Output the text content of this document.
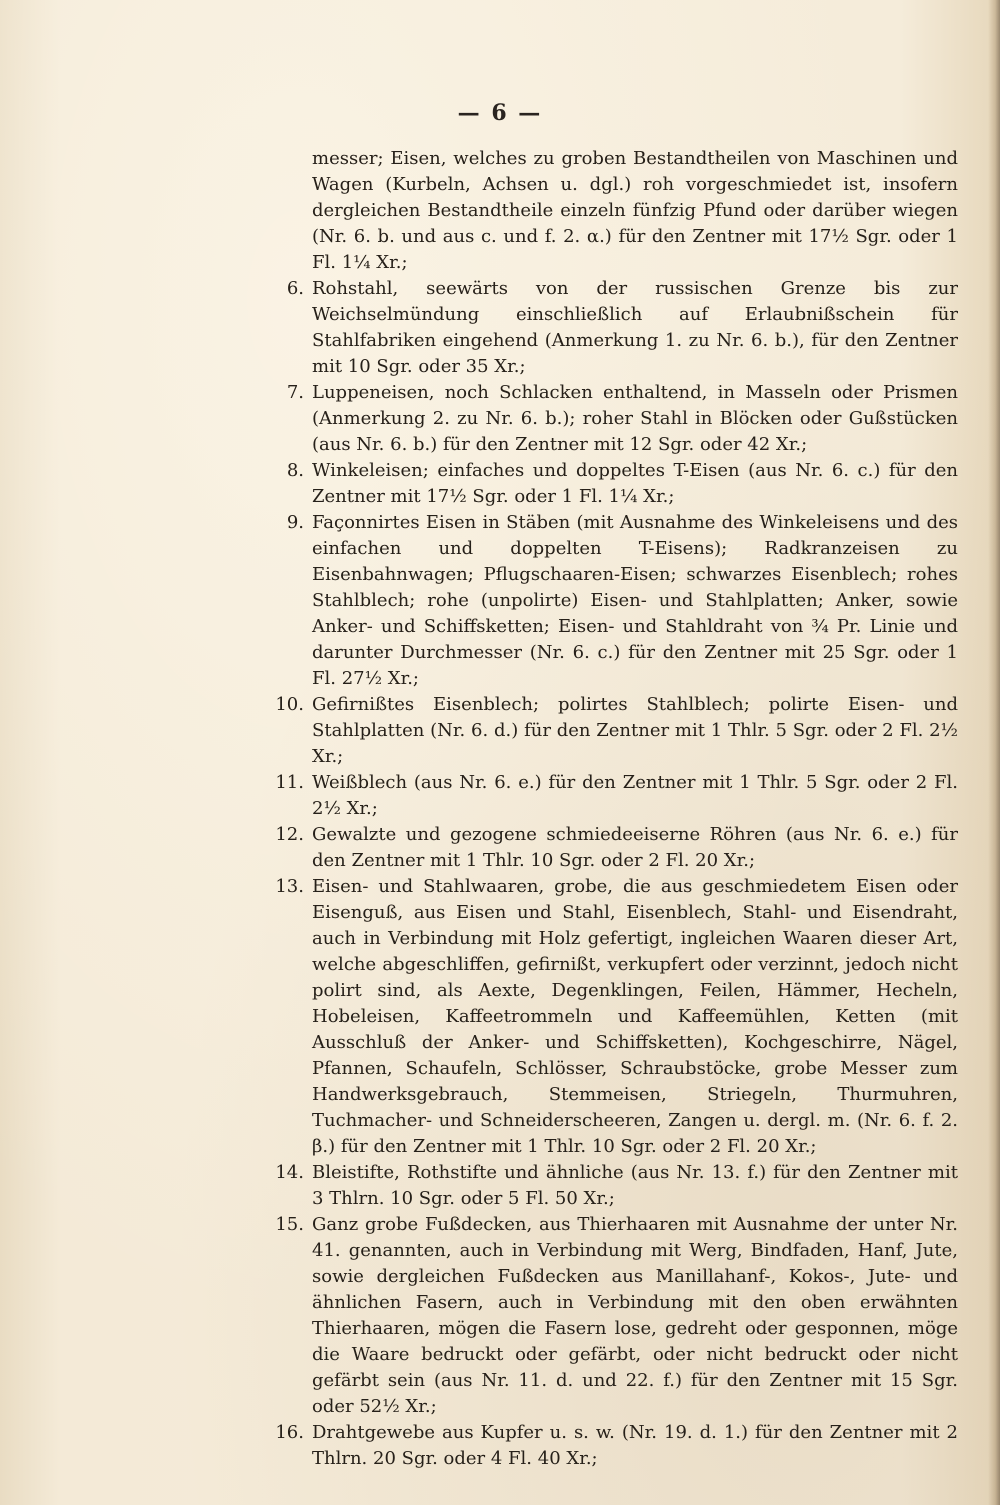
— 6 —

messer; Eisen, welches zu groben Bestandtheilen von Maschinen und Wagen (Kurbeln, Achsen u. dgl.) roh vorgeschmiedet ist, insofern dergleichen Bestandtheile einzeln fünfzig Pfund oder darüber wiegen (Nr. 6. b. und aus c. und f. 2. α.) für den Zentner mit 17½ Sgr. oder 1 Fl. 1¼ Xr.;

6. Rohstahl, seewärts von der russischen Grenze bis zur Weichselmündung einschließlich auf Erlaubnißschein für Stahlfabriken eingehend (Anmerkung 1. zu Nr. 6. b.), für den Zentner mit 10 Sgr. oder 35 Xr.;

7. Luppeneisen, noch Schlacken enthaltend, in Masseln oder Prismen (Anmerkung 2. zu Nr. 6. b.); roher Stahl in Blöcken oder Gußstücken (aus Nr. 6. b.) für den Zentner mit 12 Sgr. oder 42 Xr.;

8. Winkeleisen; einfaches und doppeltes T-Eisen (aus Nr. 6. c.) für den Zentner mit 17½ Sgr. oder 1 Fl. 1¼ Xr.;

9. Façonnirtes Eisen in Stäben (mit Ausnahme des Winkeleisens und des einfachen und doppelten T-Eisens); Radkranzeisen zu Eisenbahnwagen; Pflugschaaren-Eisen; schwarzes Eisenblech; rohes Stahlblech; rohe (unpolirte) Eisen- und Stahlplatten; Anker, sowie Anker- und Schiffsketten; Eisen- und Stahldraht von ¾ Pr. Linie und darunter Durchmesser (Nr. 6. c.) für den Zentner mit 25 Sgr. oder 1 Fl. 27½ Xr.;

10. Gefirnißtes Eisenblech; polirtes Stahlblech; polirte Eisen- und Stahlplatten (Nr. 6. d.) für den Zentner mit 1 Thlr. 5 Sgr. oder 2 Fl. 2½ Xr.;

11. Weißblech (aus Nr. 6. e.) für den Zentner mit 1 Thlr. 5 Sgr. oder 2 Fl. 2½ Xr.;

12. Gewalzte und gezogene schmiedeeiserne Röhren (aus Nr. 6. e.) für den Zentner mit 1 Thlr. 10 Sgr. oder 2 Fl. 20 Xr.;

13. Eisen- und Stahlwaaren, grobe, die aus geschmiedetem Eisen oder Eisenguß, aus Eisen und Stahl, Eisenblech, Stahl- und Eisendraht, auch in Verbindung mit Holz gefertigt, ingleichen Waaren dieser Art, welche abgeschliffen, gefirnißt, verkupfert oder verzinnt, jedoch nicht polirt sind, als Aexte, Degenklingen, Feilen, Hämmer, Hecheln, Hobeleisen, Kaffeetrommeln und Kaffeemühlen, Ketten (mit Ausschluß der Anker- und Schiffsketten), Kochgeschirre, Nägel, Pfannen, Schaufeln, Schlösser, Schraubstöcke, grobe Messer zum Handwerksgebrauch, Stemmeisen, Striegeln, Thurmuhren, Tuchmacher- und Schneiderscheeren, Zangen u. dergl. m. (Nr. 6. f. 2. β.) für den Zentner mit 1 Thlr. 10 Sgr. oder 2 Fl. 20 Xr.;

14. Bleistifte, Rothstifte und ähnliche (aus Nr. 13. f.) für den Zentner mit 3 Thlrn. 10 Sgr. oder 5 Fl. 50 Xr.;

15. Ganz grobe Fußdecken, aus Thierhaaren mit Ausnahme der unter Nr. 41. genannten, auch in Verbindung mit Werg, Bindfaden, Hanf, Jute, sowie dergleichen Fußdecken aus Manillahanf-, Kokos-, Jute- und ähnlichen Fasern, auch in Verbindung mit den oben erwähnten Thierhaaren, mögen die Fasern lose, gedreht oder gesponnen, möge die Waare bedruckt oder gefärbt, oder nicht bedruckt oder nicht gefärbt sein (aus Nr. 11. d. und 22. f.) für den Zentner mit 15 Sgr. oder 52½ Xr.;

16. Drahtgewebe aus Kupfer u. s. w. (Nr. 19. d. 1.) für den Zentner mit 2 Thlrn. 20 Sgr. oder 4 Fl. 40 Xr.;
